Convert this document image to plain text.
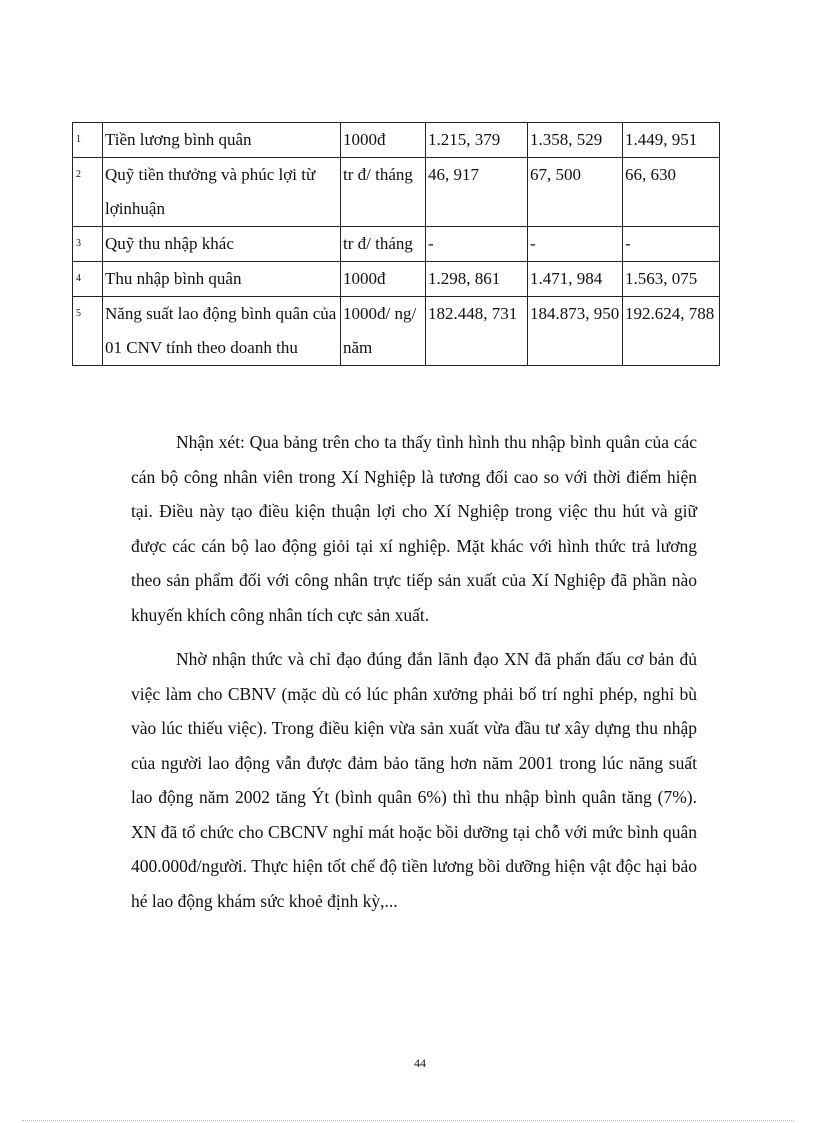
1	Tiền lương bình quân	1000đ	1.215, 379	1.358, 529	1.449, 951
2	Quỹ tiền thưởng và phúc lợi từ lợinhuận	tr đ/ tháng	46, 917	67, 500	66, 630
3	Quỹ thu nhập khác	tr đ/ tháng	-	-	-
4	Thu nhập bình quân	1000đ	1.298, 861	1.471, 984	1.563, 075
5	Năng suất lao động bình quân của 01 CNV tính theo doanh thu	1000đ/ ng/ năm	182.448, 731	184.873, 950	192.624, 788

Nhận xét: Qua bảng trên cho ta thấy tình hình thu nhập bình quân của các cán bộ công nhân viên trong Xí Nghiệp là tương đối cao so với thời điểm hiện tại. Điều này tạo điều kiện thuận lợi cho Xí Nghiệp trong việc thu hút và giữ được các cán bộ lao động giỏi tại xí nghiệp. Mặt khác với hình thức trả lương theo sản phẩm đối với công nhân trực tiếp sản xuất của Xí Nghiệp đã phần nào khuyến khích công nhân tích cực sản xuất.

Nhờ nhận thức và chỉ đạo đúng đắn lãnh đạo XN đã phấn đấu cơ bản đủ việc làm cho CBNV (mặc dù có lúc phân xưởng phải bố trí nghỉ phép, nghỉ bù vào lúc thiếu việc). Trong điều kiện vừa sản xuất vừa đầu tư xây dựng thu nhập của người lao động vẫn được đảm bảo tăng hơn năm 2001 trong lúc năng suất lao động năm 2002 tăng Ýt (bình quân 6%) thì thu nhập bình quân tăng (7%). XN đã tổ chức cho CBCNV nghỉ mát hoặc bồi dưỡng tại chỗ với mức bình quân 400.000đ/người. Thực hiện tốt chế độ tiền lương bồi dưỡng hiện vật độc hại bảo hé lao động khám sức khoẻ định kỳ,...

44
